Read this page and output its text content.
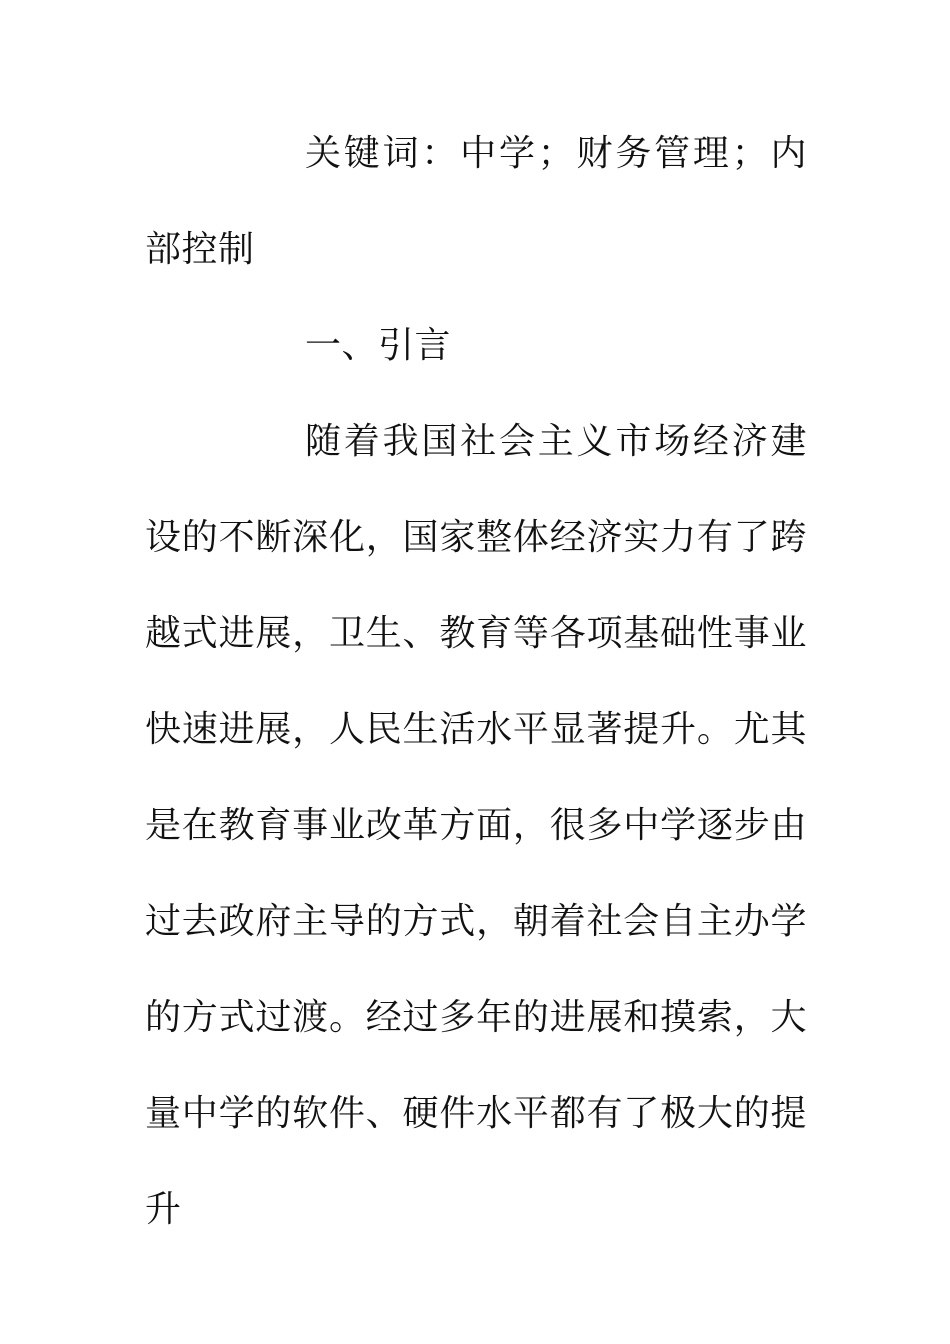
关键词：中学；财务管理；内部控制

一、引言

随着我国社会主义市场经济建设的不断深化，国家整体经济实力有了跨越式进展，卫生、教育等各项基础性事业快速进展，人民生活水平显著提升。尤其是在教育事业改革方面，很多中学逐步由过去政府主导的方式，朝着社会自主办学的方式过渡。经过多年的进展和摸索，大量中学的软件、硬件水平都有了极大的提升
